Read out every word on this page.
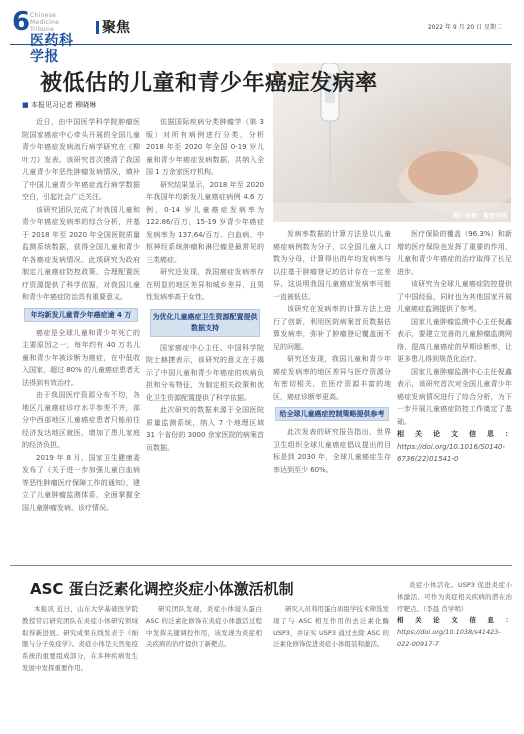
6 Chinese Medicine Tribune
医药科学报
聚焦	2022 年 9 月 20 日 星期二
图片来源：视觉中国
被低估的儿童和青少年癌症发病率
■ 本报见习记者 穆晓琳

近日，由中国医学科学院肿瘤医院国家癌症中心牵头开展的全国儿童青少年癌症发病流行病学研究在《柳叶刀》发表。该研究首次摸清了我国儿童青少年恶性肿瘤发病情况，填补了中国儿童青少年癌症流行病学数据空白，引起社会广泛关注。

该研究团队完成了对我国儿童和青少年癌症发病率的综合分析，并基于 2018 年至 2020 年全国医院质量监测系统数据，获得全国儿童和青少年各癌症发病情况。此项研究为政府制定儿童癌症防控政策、合理配置医疗资源提供了科学依据，对我国儿童和青少年癌症防治具有重要意义。

年均新发儿童青少年癌症逾 4 万

癌症是全球儿童和青少年死亡的主要原因之一，每年约有 40 万名儿童和青少年被诊断为癌症，在中低收入国家，超过 80% 的儿童癌症患者无法得到有效治疗。

由于我国医疗资源分布不均，各地区儿童癌症诊疗水平参差不齐，部分中西部地区儿童癌症患者只能前往经济发达地区就医，增加了患儿家庭的经济负担。

2019 年 8 月，国家卫生健康委发布了《关于进一步加强儿童白血病等恶性肿瘤医疗保障工作的通知》，建立了儿童肿瘤监测体系，全面掌握全国儿童肿瘤发病、诊疗情况。

依据国际疾病分类肿瘤学（第 3 版）对所有病例进行分类，分析 2018 年至 2020 年全国 0-19 岁儿童和青少年癌症发病数据，共纳入全国 1 万余家医疗机构。

研究结果显示，2018 年至 2020 年我国年均新发儿童癌症病例 4.6 万例，0-14 岁儿童癌症发病率为 122.86/百万，15-19 岁青少年癌症发病率为 137.64/百万。白血病、中枢神经系统肿瘤和淋巴瘤是最常见的三类癌症。

研究还发现，我国癌症发病率存在明显的地区差异和城乡差异，且男性发病率高于女性。

为优化儿童癌症卫生资源配置提供数据支持

国家癌症中心主任、中国科学院院士赫捷表示，该研究的意义在于揭示了中国儿童和青少年癌症的疾病负担和分布特征，为制定相关政策和优化卫生资源配置提供了科学依据。

此次研究的数据来源于全国医院质量监测系统，纳入 7 个地理区域 31 个省份的 3000 余家医院的病案首页数据。

发病率数据的计算方法是以儿童癌症病例数为分子，以全国儿童人口数为分母，计算得出的年均发病率与以往基于肿瘤登记的估计存在一定差异，这说明我国儿童癌症发病率可能一直被低估。

该研究在发病率的计算方法上进行了创新，利用医院病案首页数据估算发病率，弥补了肿瘤登记覆盖面不足的问题。

研究还发现，我国儿童和青少年癌症发病率的地区差异与医疗资源分布密切相关，在医疗资源丰富的地区，癌症诊断率更高。

给全球儿童癌症控制策略提供参考

此次发表的研究报告指出，世界卫生组织全球儿童癌症倡议提出的目标是到 2030 年，全球儿童癌症生存率达到至少 60%。

医疗保险的覆盖（96.3%）和新增的医疗保险也发挥了重要的作用，儿童和青少年癌症的治疗取得了长足进步。

该研究为全球儿童癌症防控提供了中国经验，同时也为其他国家开展儿童癌症监测提供了参考。

国家儿童肿瘤监测中心主任倪鑫表示，要建立完善的儿童肿瘤监测网络，提高儿童癌症的早期诊断率，让更多患儿得到规范化治疗。

国家儿童肿瘤监测中心主任倪鑫表示，该研究首次对全国儿童青少年癌症发病情况进行了综合分析，为下一步开展儿童癌症防控工作奠定了基础。

相关论文信息：https://doi.org/10.1016/S0140-6736(22)01541-0

ASC 蛋白泛素化调控炎症小体激活机制

本报讯 近日，山东大学基础医学院教授常启研究团队在炎症小体研究领域取得新进展。研究成果在线发表于《细胞与分子免疫学》。炎症小体是天然免疫系统的重要组成部分，在多种疾病发生发展中发挥重要作用。

研究团队发现，炎症小体接头蛋白 ASC 的泛素化修饰在炎症小体激活过程中发挥关键调控作用，该发现为炎症相关疾病的治疗提供了新靶点。

研究人员利用蛋白质组学技术筛选发现了与 ASC 相互作用的去泛素化酶 USP3，并证实 USP3 通过去除 ASC 的泛素化修饰促进炎症小体组装和激活。

炎症小体活化。USP3 促进炎症小体激活，可作为炎症相关疾病的潜在治疗靶点。（李晨 肖学明）

相关论文信息：https://doi.org/10.1038/s41423-022-00917-7
